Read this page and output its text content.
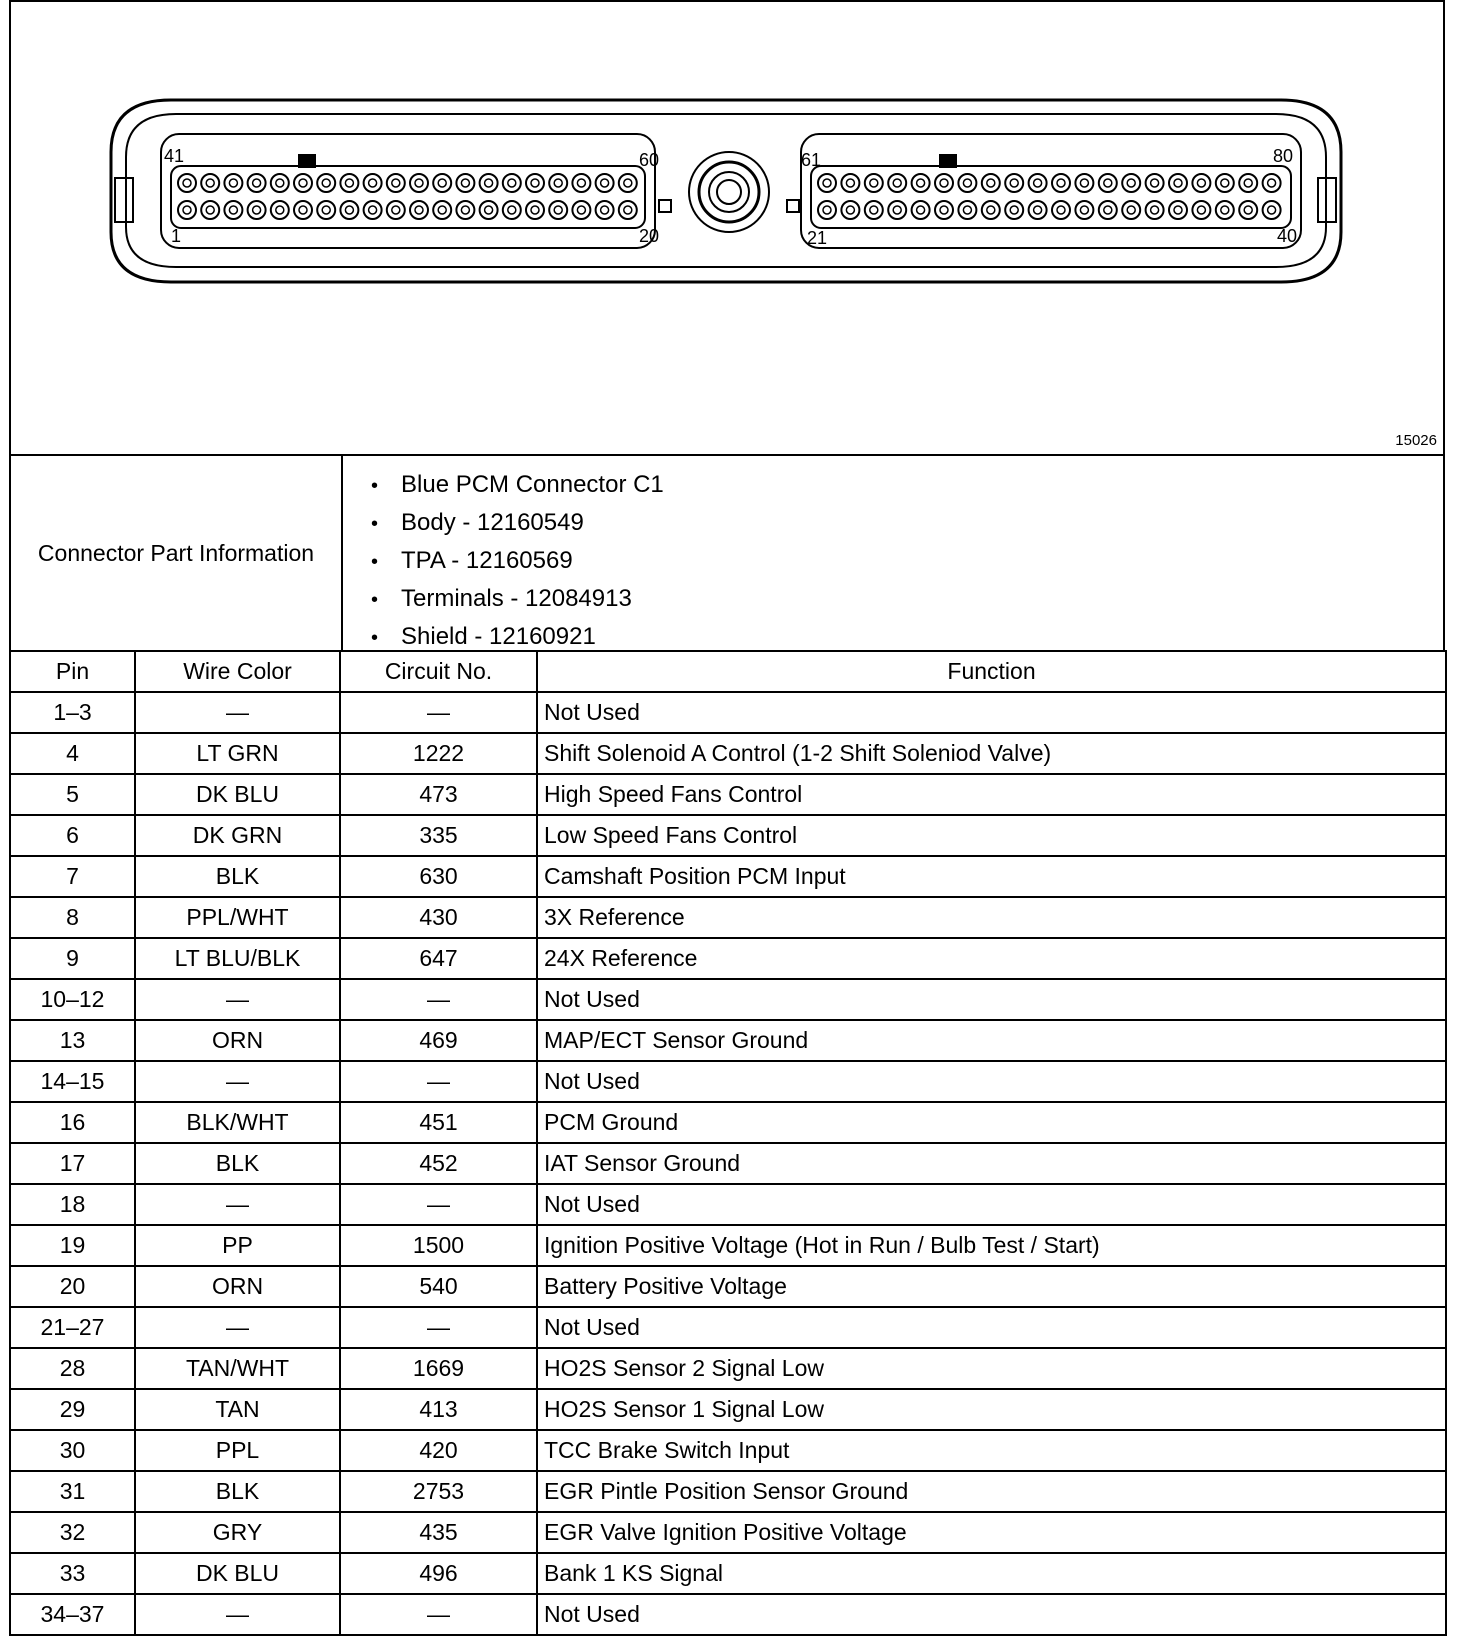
41	60
1	20
61	80
21	40
15026
Connector Part Information
• Blue PCM Connector C1
• Body - 12160549
• TPA - 12160569
• Terminals - 12084913
• Shield - 12160921
Pin	Wire Color	Circuit No.	Function
1–3	—	—	Not Used
4	LT GRN	1222	Shift Solenoid A Control (1-2 Shift Soleniod Valve)
5	DK BLU	473	High Speed Fans Control
6	DK GRN	335	Low Speed Fans Control
7	BLK	630	Camshaft Position PCM Input
8	PPL/WHT	430	3X Reference
9	LT BLU/BLK	647	24X Reference
10–12	—	—	Not Used
13	ORN	469	MAP/ECT Sensor Ground
14–15	—	—	Not Used
16	BLK/WHT	451	PCM Ground
17	BLK	452	IAT Sensor Ground
18	—	—	Not Used
19	PP	1500	Ignition Positive Voltage (Hot in Run / Bulb Test / Start)
20	ORN	540	Battery Positive Voltage
21–27	—	—	Not Used
28	TAN/WHT	1669	HO2S Sensor 2 Signal Low
29	TAN	413	HO2S Sensor 1 Signal Low
30	PPL	420	TCC Brake Switch Input
31	BLK	2753	EGR Pintle Position Sensor Ground
32	GRY	435	EGR Valve Ignition Positive Voltage
33	DK BLU	496	Bank 1 KS Signal
34–37	—	—	Not Used
